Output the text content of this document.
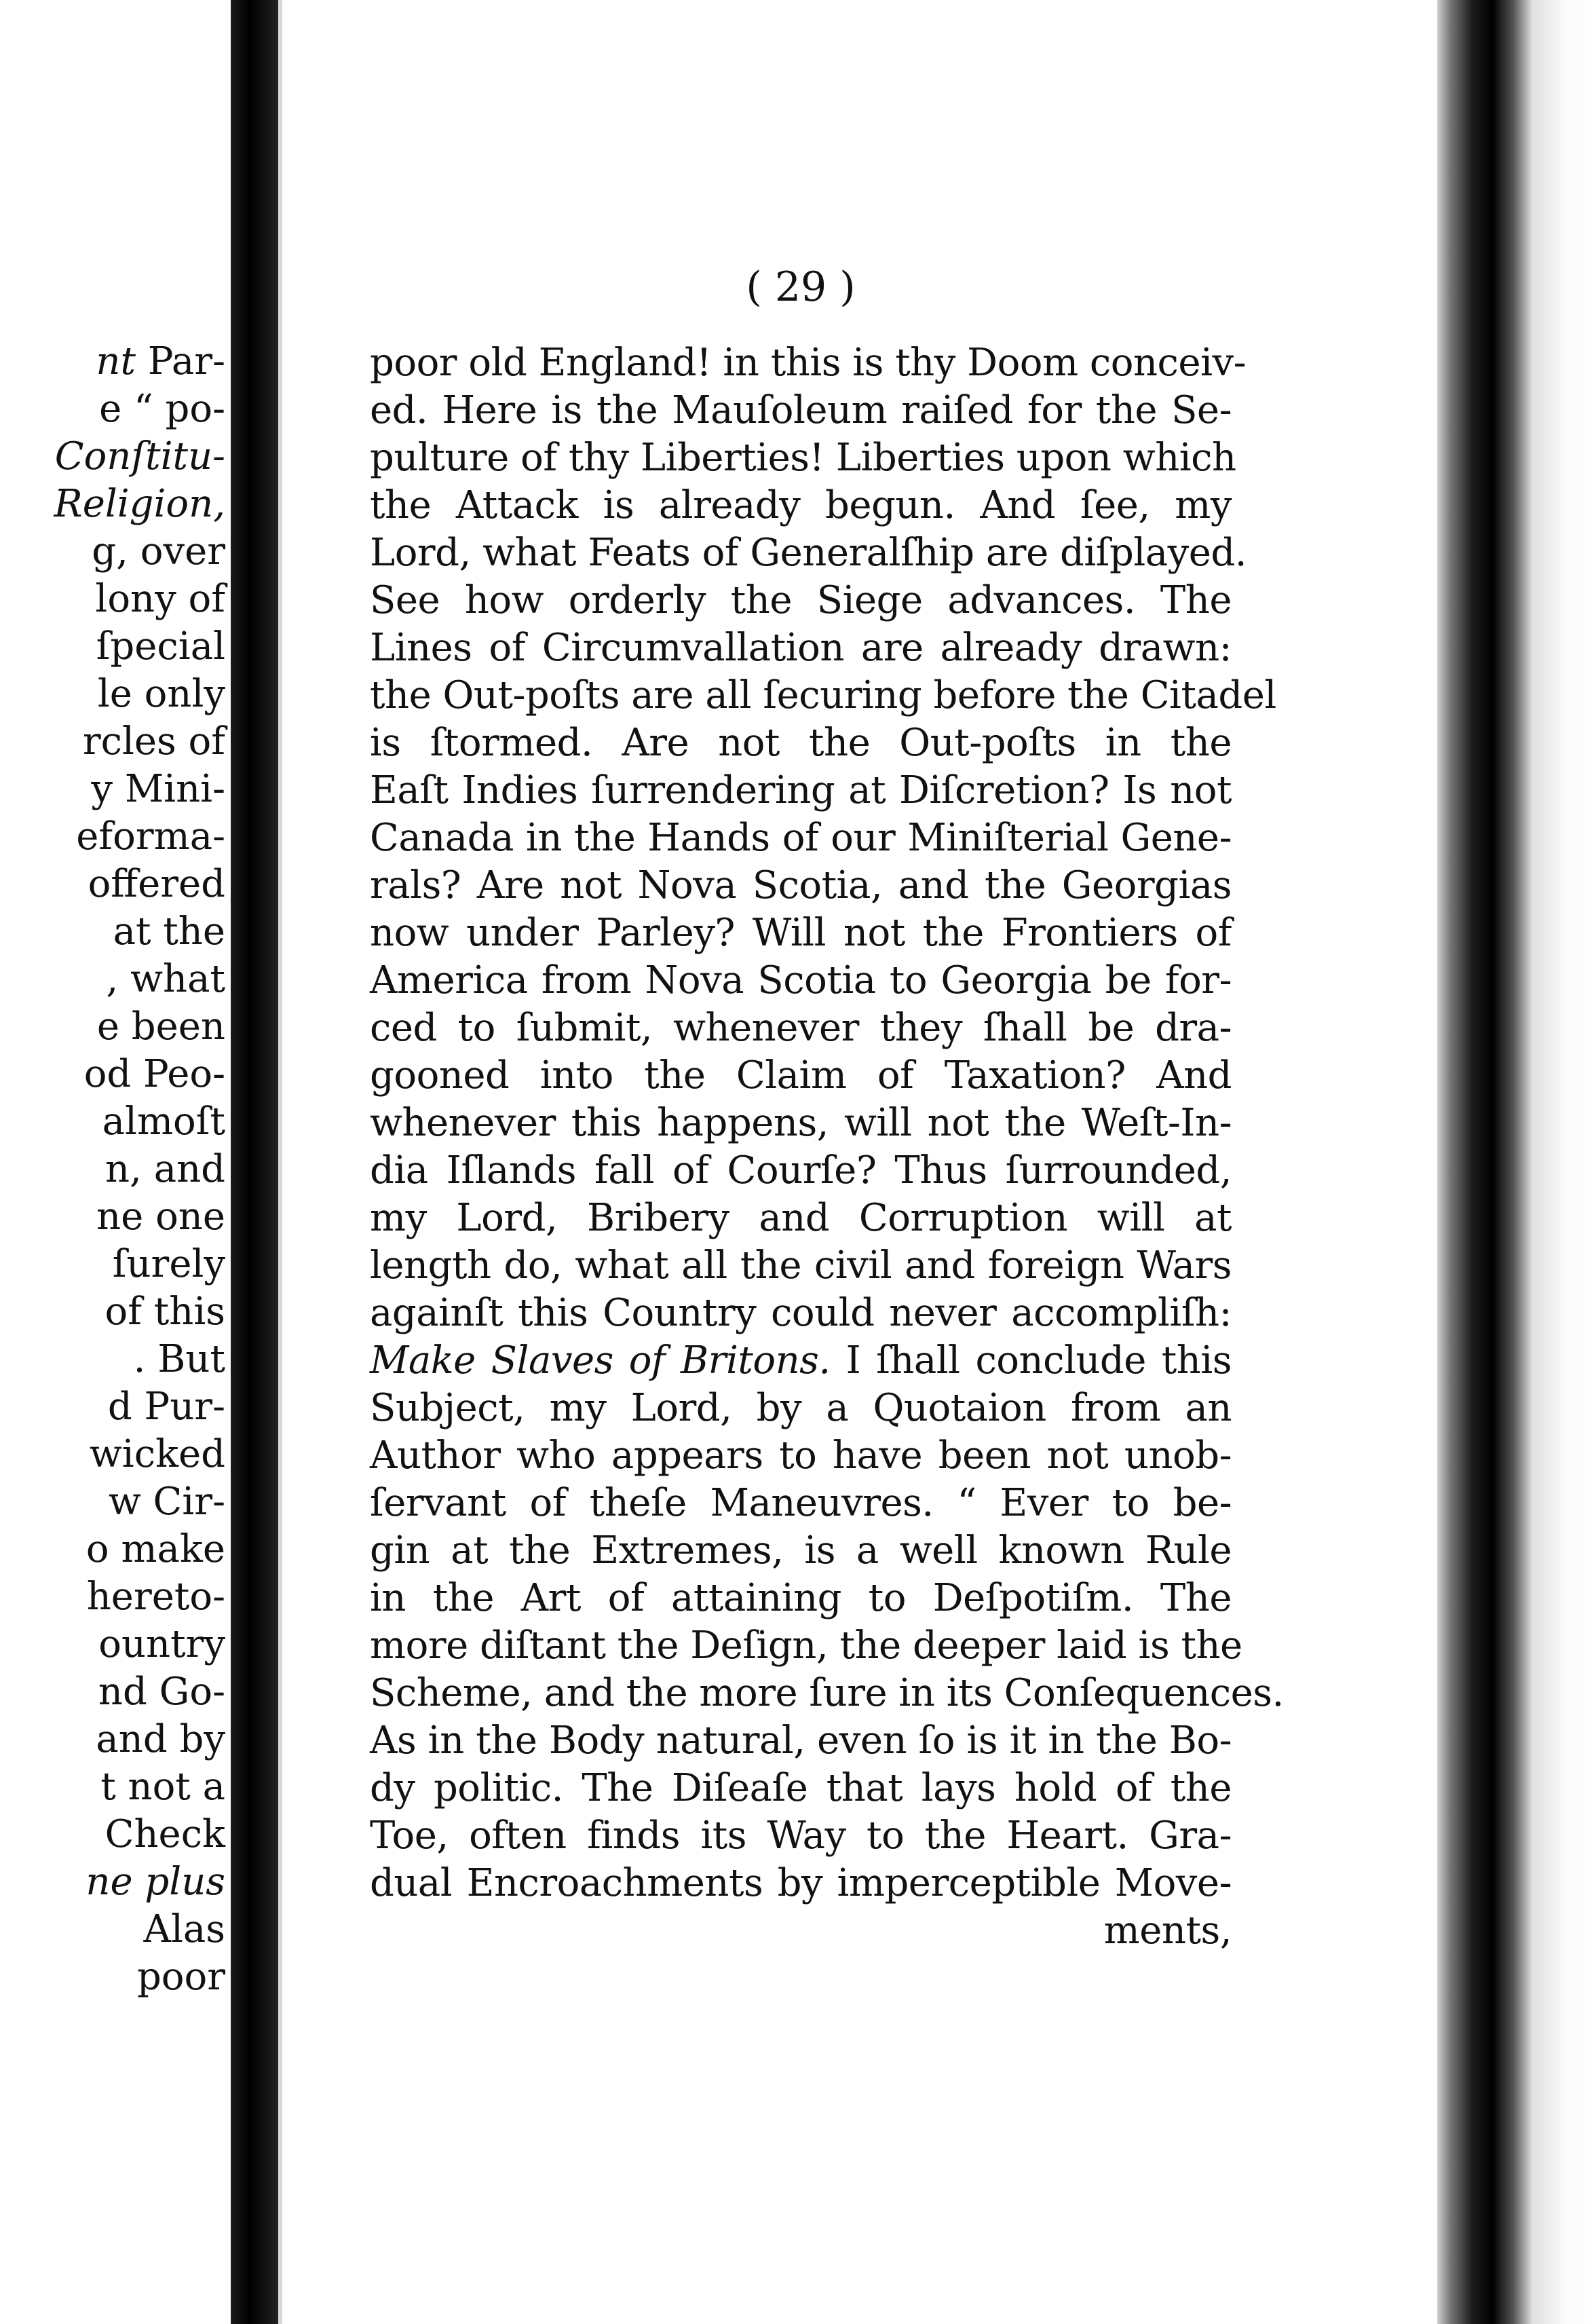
nt Par-
e “ po-
Conſtitu-
Religion,
g, over
lony of
ſpecial
le only
rcles of
y Mini-
eforma-
offered
at the
, what
e been
od Peo-
almoſt
n, and
ne one
ſurely
of this
. But
d Pur-
wicked
w Cir-
o make
hereto-
ountry
nd Go-
and by
t not a
Check
ne plus
Alas
poor
( 29 )
poor old England! in this is thy Doom conceiv-
ed. Here is the Mauſoleum raiſed for the Se-
pulture of thy Liberties! Liberties upon which
the Attack is already begun. And ſee, my
Lord, what Feats of Generalſhip are diſplayed.
See how orderly the Siege advances. The
Lines of Circumvallation are already drawn:
the Out-poſts are all ſecuring before the Citadel
is ſtormed. Are not the Out-poſts in the
Eaſt Indies ſurrendering at Diſcretion? Is not
Canada in the Hands of our Miniſterial Gene-
rals? Are not Nova Scotia, and the Georgias
now under Parley? Will not the Frontiers of
America from Nova Scotia to Georgia be for-
ced to ſubmit, whenever they ſhall be dra-
gooned into the Claim of Taxation? And
whenever this happens, will not the Weſt-In-
dia Iſlands fall of Courſe? Thus ſurrounded,
my Lord, Bribery and Corruption will at
length do, what all the civil and foreign Wars
againſt this Country could never accompliſh:
Make Slaves of Britons. I ſhall conclude this
Subject, my Lord, by a Quotaion from an
Author who appears to have been not unob-
ſervant of theſe Maneuvres. “ Ever to be-
gin at the Extremes, is a well known Rule
in the Art of attaining to Deſpotiſm. The
more diſtant the Deſign, the deeper laid is the
Scheme, and the more ſure in its Conſequences.
As in the Body natural, even ſo is it in the Bo-
dy politic. The Diſeaſe that lays hold of the
Toe, often finds its Way to the Heart. Gra-
dual Encroachments by imperceptible Move-
ments,
